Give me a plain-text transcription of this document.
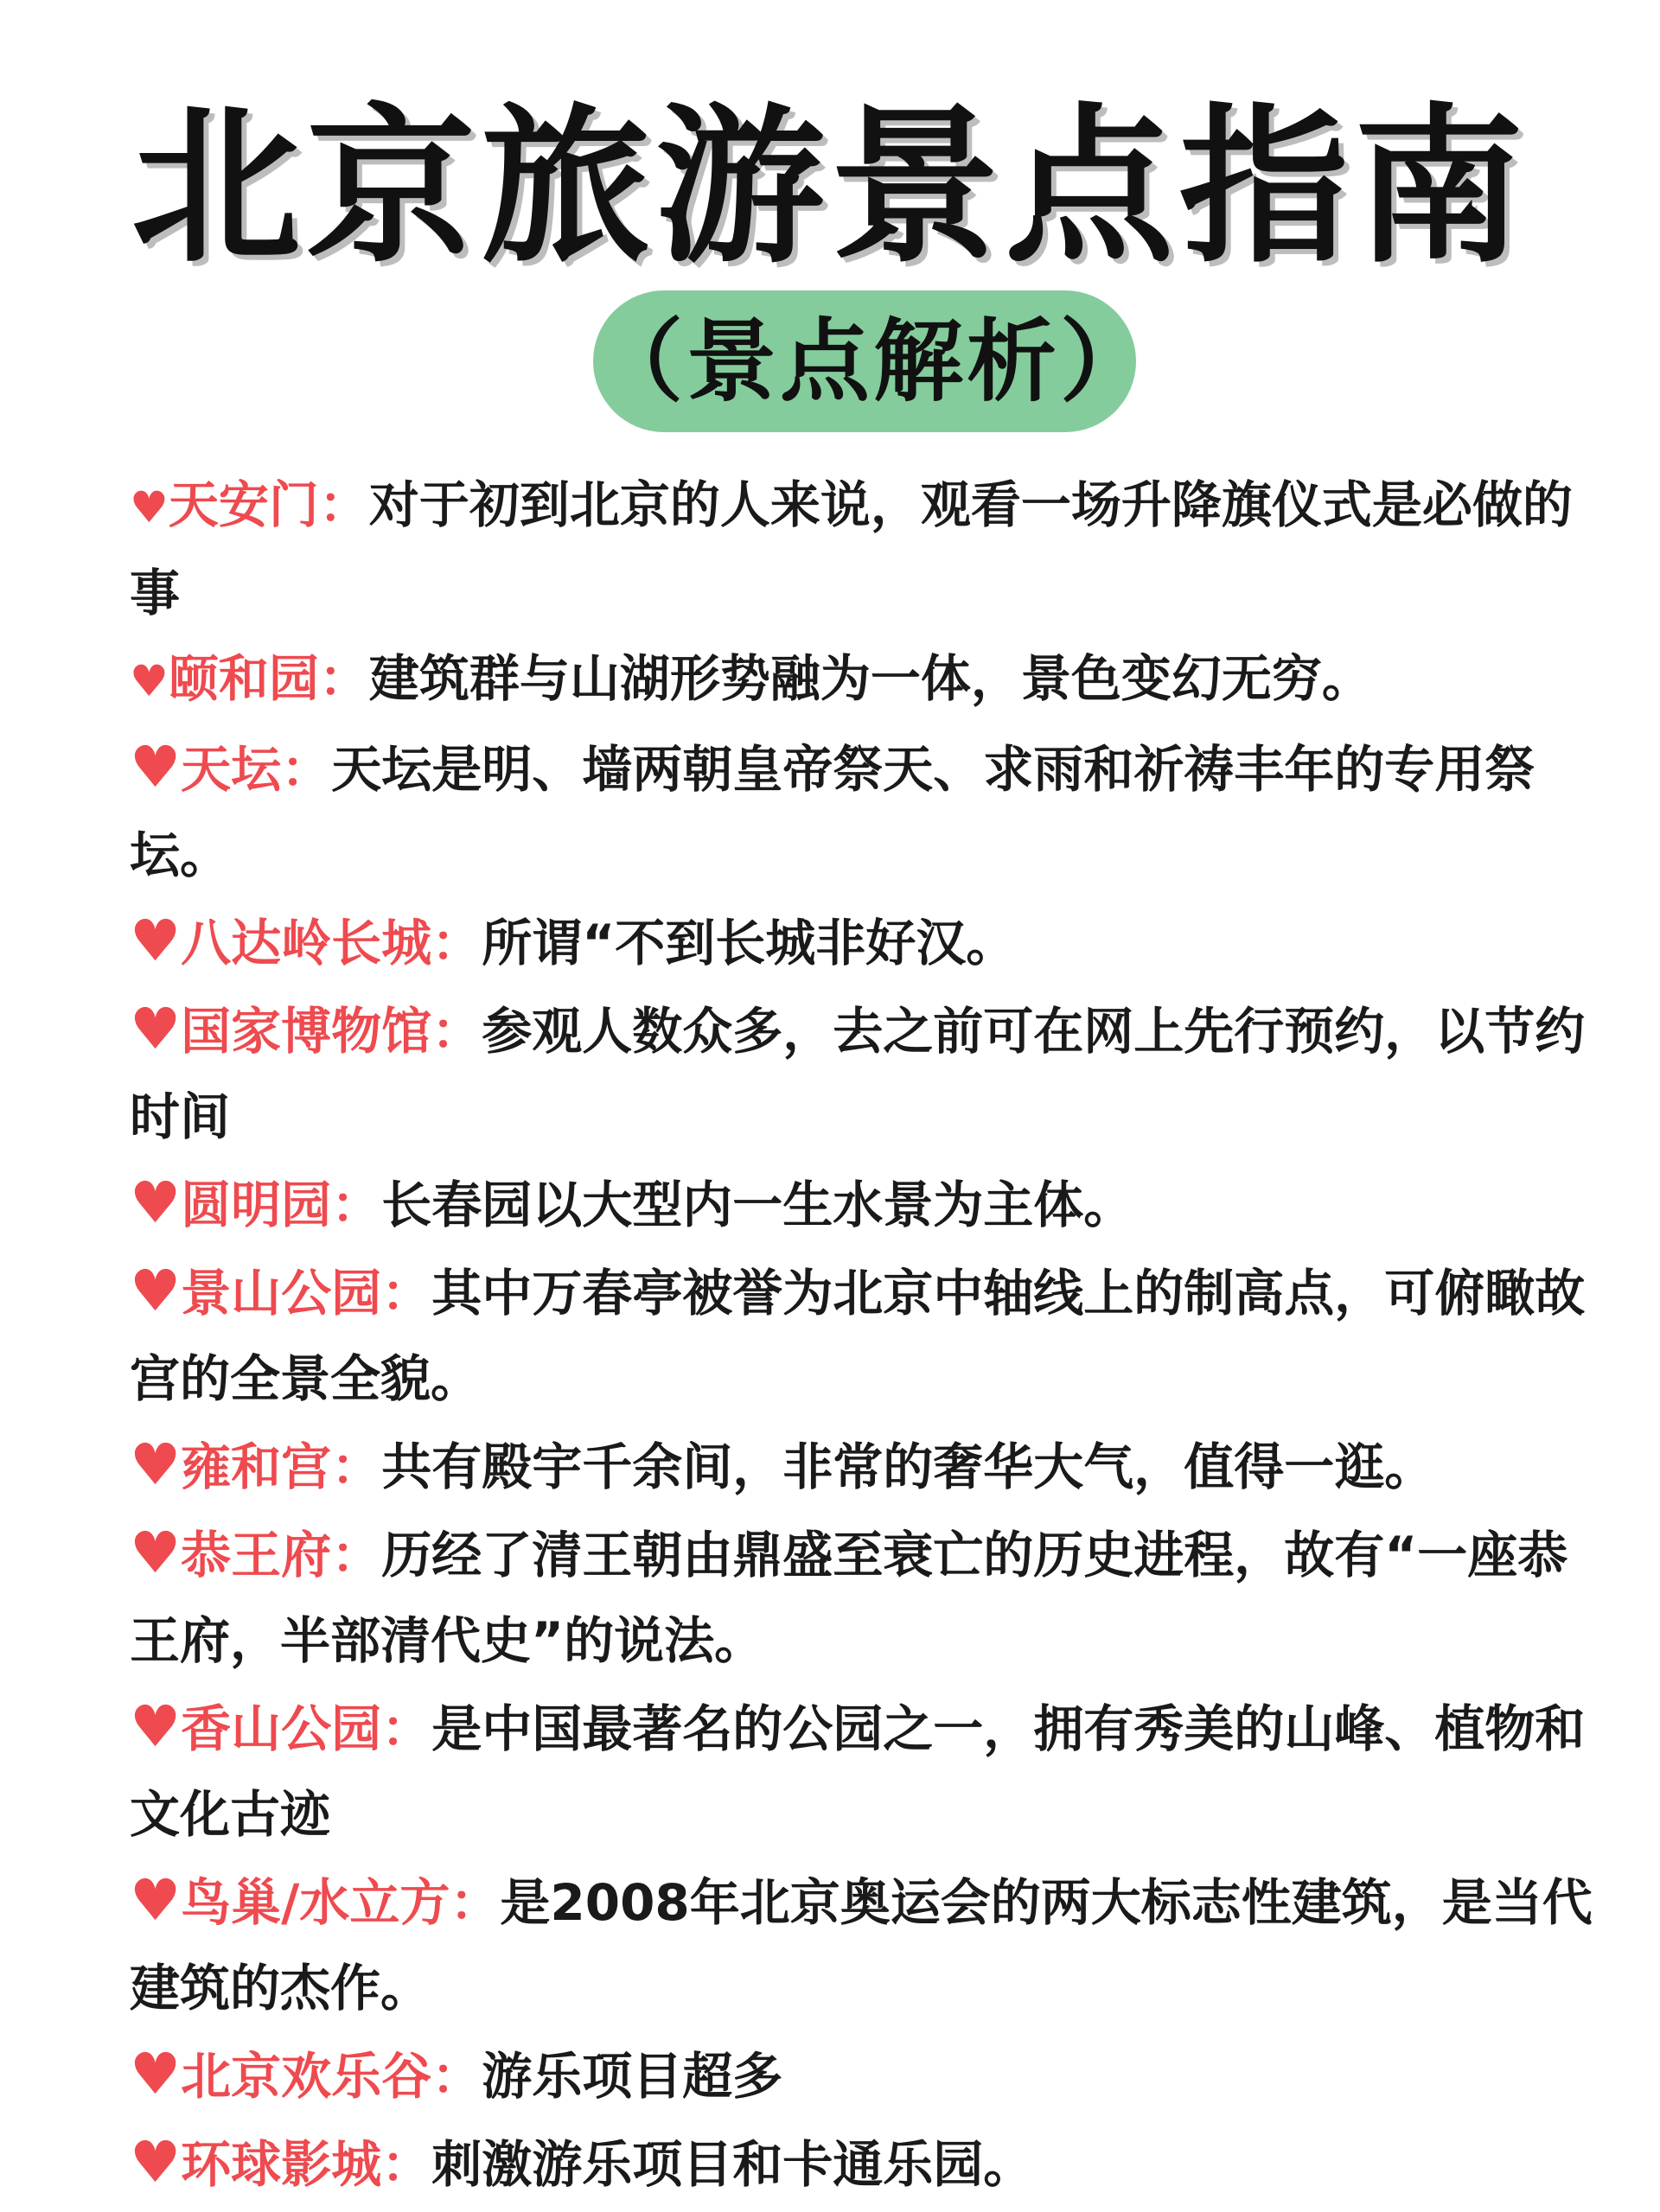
北京旅游景点指南
（景点解析）

♥天安门：对于初到北京的人来说，观看一场升降旗仪式是必做的事

♥颐和园：建筑群与山湖形势融为一体，景色变幻无穷。

♥天坛：天坛是明、墙两朝皇帝祭天、求雨和祈祷丰年的专用祭坛。

♥八达岭长城：所谓“不到长城非好汉。

♥国家博物馆：参观人数众多，去之前可在网上先行预约，以节约时间

♥圆明园：长春园以大型内一生水景为主体。

♥景山公园：其中万春亭被誉为北京中轴线上的制高点，可俯瞰故宫的全景全貌。

♥雍和宫：共有殿宇千余间，非常的奢华大气，值得一逛。

♥恭王府：历经了清王朝由鼎盛至衰亡的历史进程，故有“一座恭王府，半部清代史”的说法。

♥香山公园：是中国最著名的公园之一，拥有秀美的山峰、植物和文化古迹

♥鸟巢/水立方：是2008年北京奥运会的两大标志性建筑，是当代建筑的杰作。

♥北京欢乐谷：游乐项目超多

♥环球影城：刺激游乐项目和卡通乐园。
